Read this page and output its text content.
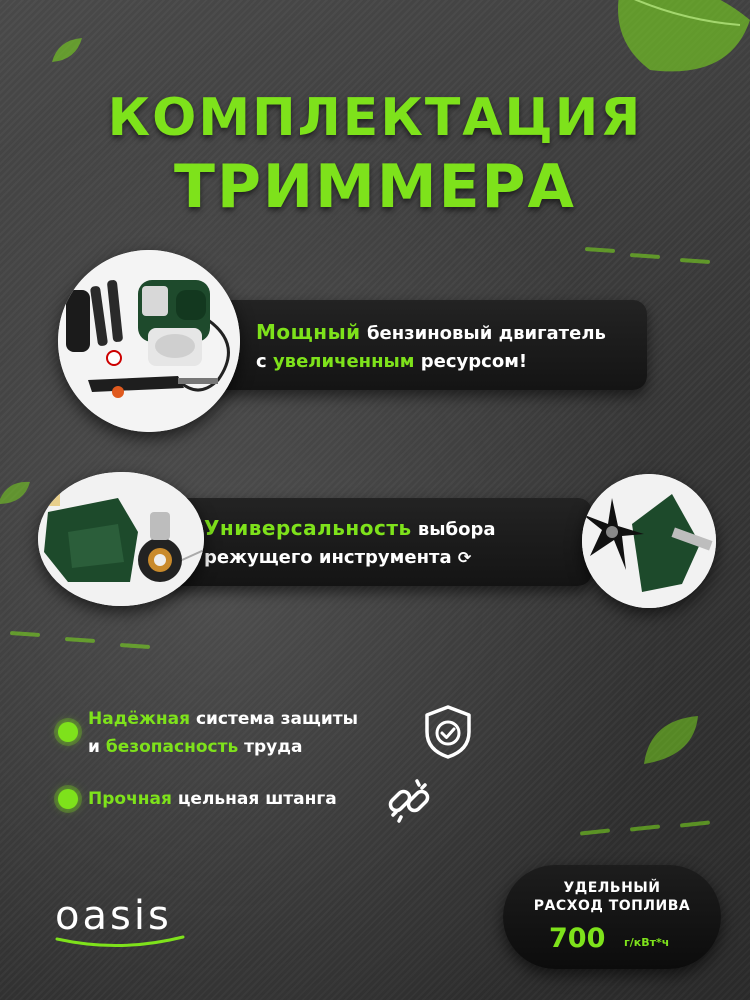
КОМПЛЕКТАЦИЯ
ТРИММЕРА
Мощный бензиновый двигатель
с увеличенным ресурсом!
Универсальность выбора
режущего инструмента ⟳
Надёжная система защиты
и безопасность труда
Прочная цельная штанга
oasis
УДЕЛЬНЫЙ
РАСХОД ТОПЛИВА
700 г/кВт*ч
